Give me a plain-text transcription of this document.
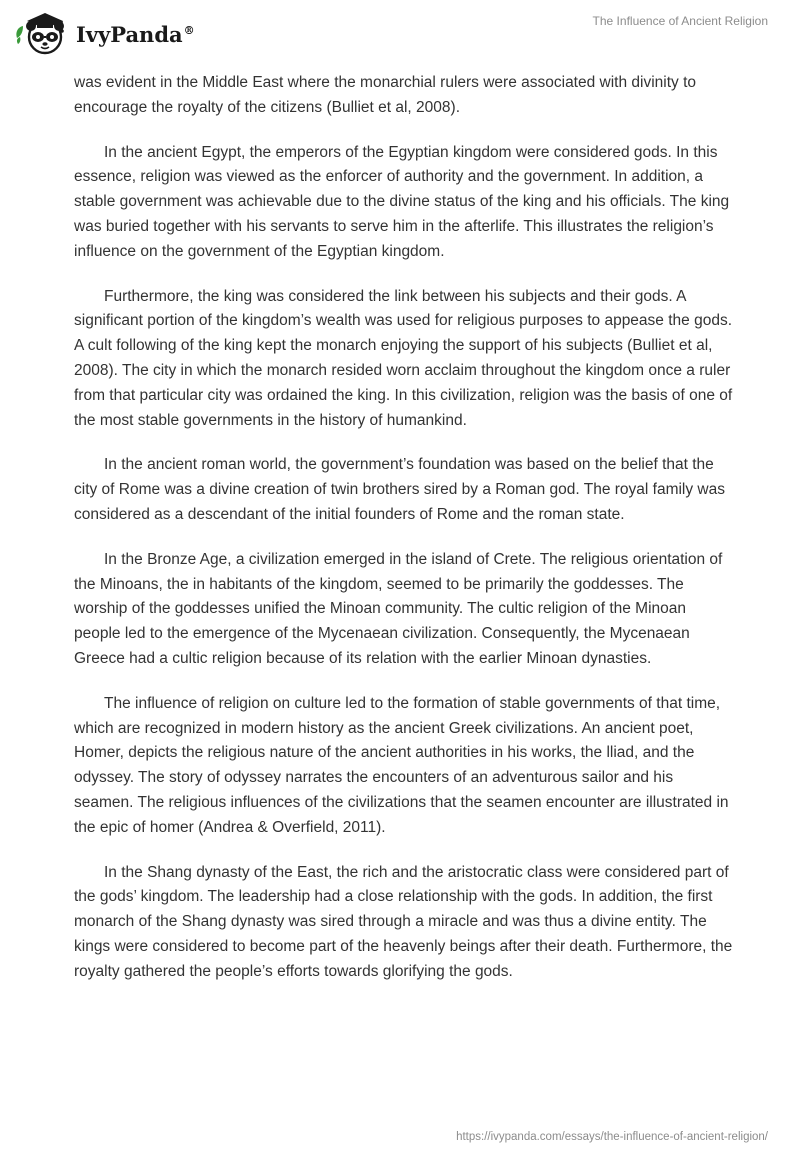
IvyPanda®
The Influence of Ancient Religion

was evident in the Middle East where the monarchial rulers were associated with divinity to encourage the royalty of the citizens (Bulliet et al, 2008).

In the ancient Egypt, the emperors of the Egyptian kingdom were considered gods. In this essence, religion was viewed as the enforcer of authority and the government. In addition, a stable government was achievable due to the divine status of the king and his officials. The king was buried together with his servants to serve him in the afterlife. This illustrates the religion’s influence on the government of the Egyptian kingdom.

Furthermore, the king was considered the link between his subjects and their gods. A significant portion of the kingdom’s wealth was used for religious purposes to appease the gods. A cult following of the king kept the monarch enjoying the support of his subjects (Bulliet et al, 2008). The city in which the monarch resided worn acclaim throughout the kingdom once a ruler from that particular city was ordained the king. In this civilization, religion was the basis of one of the most stable governments in the history of humankind.

In the ancient roman world, the government’s foundation was based on the belief that the city of Rome was a divine creation of twin brothers sired by a Roman god. The royal family was considered as a descendant of the initial founders of Rome and the roman state.

In the Bronze Age, a civilization emerged in the island of Crete. The religious orientation of the Minoans, the in habitants of the kingdom, seemed to be primarily the goddesses. The worship of the goddesses unified the Minoan community. The cultic religion of the Minoan people led to the emergence of the Mycenaean civilization. Consequently, the Mycenaean Greece had a cultic religion because of its relation with the earlier Minoan dynasties.

The influence of religion on culture led to the formation of stable governments of that time, which are recognized in modern history as the ancient Greek civilizations. An ancient poet, Homer, depicts the religious nature of the ancient authorities in his works, the lliad, and the odyssey. The story of odyssey narrates the encounters of an adventurous sailor and his seamen. The religious influences of the civilizations that the seamen encounter are illustrated in the epic of homer (Andrea & Overfield, 2011).

In the Shang dynasty of the East, the rich and the aristocratic class were considered part of the gods’ kingdom. The leadership had a close relationship with the gods. In addition, the first monarch of the Shang dynasty was sired through a miracle and was thus a divine entity. The kings were considered to become part of the heavenly beings after their death. Furthermore, the royalty gathered the people’s efforts towards glorifying the gods.

https://ivypanda.com/essays/the-influence-of-ancient-religion/
